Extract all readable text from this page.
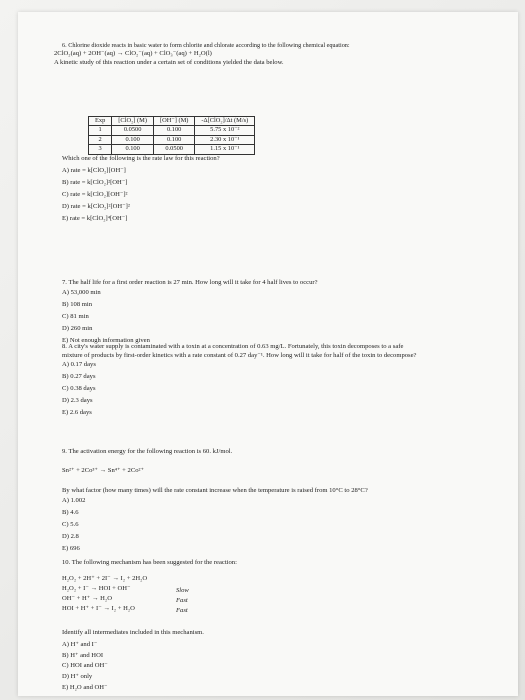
6. Chlorine dioxide reacts in basic water to form chlorite and chlorate according to the following chemical equation:
2ClO₂(aq) + 2OH⁻(aq) → ClO₂⁻(aq) + ClO₃⁻(aq) + H₂O(l)
A kinetic study of this reaction under a certain set of conditions yielded the data below.
Exp	[ClO₂] (M)	[OH⁻] (M)	-Δ[ClO₂]/Δt (M/s)
1	0.0500	0.100	5.75 x 10⁻²
2	0.100	0.100	2.30 x 10⁻¹
3	0.100	0.0500	1.15 x 10⁻¹
Which one of the following is the rate law for this reaction?
A) rate = k[ClO₂][OH⁻]
B) rate = k[ClO₂]²[OH⁻]
C) rate = k[ClO₂][OH⁻]²
D) rate = k[ClO₂]²[OH⁻]²
E) rate = k[ClO₂]⁴[OH⁻]
7. The half life for a first order reaction is 27 min. How long will it take for 4 half lives to occur?
A) 53,000 min
B) 108 min
C) 81 min
D) 260 min
E) Not enough information given
8. A city's water supply is contaminated with a toxin at a concentration of 0.63 mg/L. Fortunately, this toxin decomposes to a safe
mixture of products by first-order kinetics with a rate constant of 0.27 day⁻¹. How long will it take for half of the toxin to decompose?
A) 0.17 days
B) 0.27 days
C) 0.38 days
D) 2.3 days
E) 2.6 days
9. The activation energy for the following reaction is 60. kJ/mol.
Sn²⁺ + 2Co³⁺ → Sn⁴⁺ + 2Co²⁺
By what factor (how many times) will the rate constant increase when the temperature is raised from 10°C to 28°C?
A) 1.002
B) 4.6
C) 5.6
D) 2.8
E) 696
10. The following mechanism has been suggested for the reaction:
H₂O₂ + 2H⁺ + 2I⁻ → I₂ + 2H₂O
H₂O₂ + I⁻ → HOI + OH⁻
OH⁻ + H⁺ → H₂O
HOI + H⁺ + I⁻ → I₂ + H₂O
Slow
Fast
Fast
Identify all intermediates included in this mechanism.
A) H⁺ and I⁻
B) H⁺ and HOI
C) HOI and OH⁻
D) H⁺ only
E) H₂O and OH⁻
